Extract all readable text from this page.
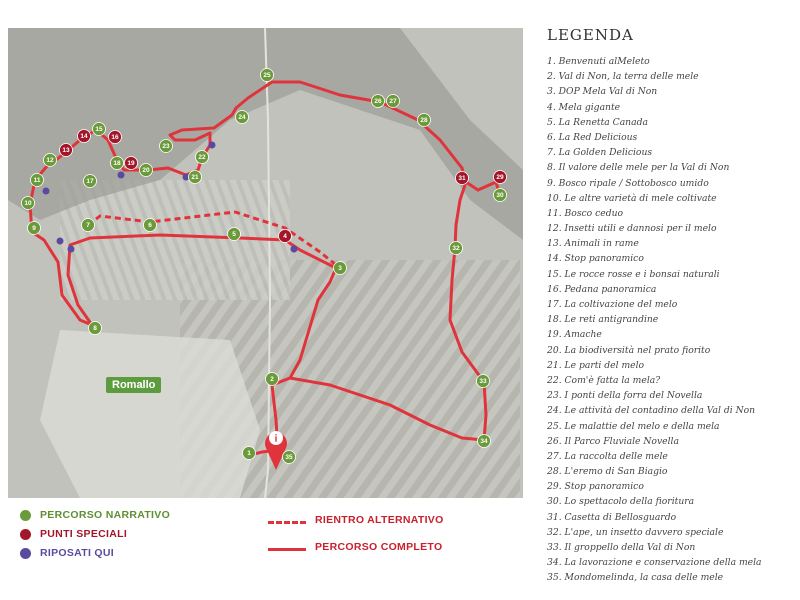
i
1
2
3
4
5
6
7
8
9
10
11
12
13
14
15
16
17
18 19
20
21
22
23
24
25
26 27
28
29
30
31
32
33
34
35
Romallo
LEGENDA
1. Benvenuti alMeleto
2. Val di Non, la terra delle mele
3. DOP Mela Val di Non
4. Mela gigante
5. La Renetta Canada
6. La Red Delicious
7. La Golden Delicious
8. Il valore delle mele per la Val di Non
9. Bosco ripale / Sottobosco umido
10. Le altre varietà di mele coltivate
11. Bosco ceduo
12. Insetti utili e dannosi per il melo
13. Animali in rame
14. Stop panoramico
15. Le rocce rosse e i bonsai naturali
16. Pedana panoramica
17. La coltivazione del melo
18. Le reti antigrandine
19. Amache
20. La biodiversità nel prato fiorito
21. Le parti del melo
22. Com'è fatta la mela?
23. I ponti della forra del Novella
24. Le attività del contadino della Val di Non
25. Le malattie del melo e della mela
26. Il Parco Fluviale Novella
27. La raccolta delle mele
28. L'eremo di San Biagio
29. Stop panoramico
30. Lo spettacolo della fioritura
31. Casetta di Bellosguardo
32. L'ape, un insetto davvero speciale
33. Il groppello della Val di Non
34. La lavorazione e conservazione della mela
35. Mondomelinda, la casa delle mele
PERCORSO NARRATIVO
PUNTI SPECIALI
RIPOSATI QUI
RIENTRO ALTERNATIVO
PERCORSO COMPLETO
